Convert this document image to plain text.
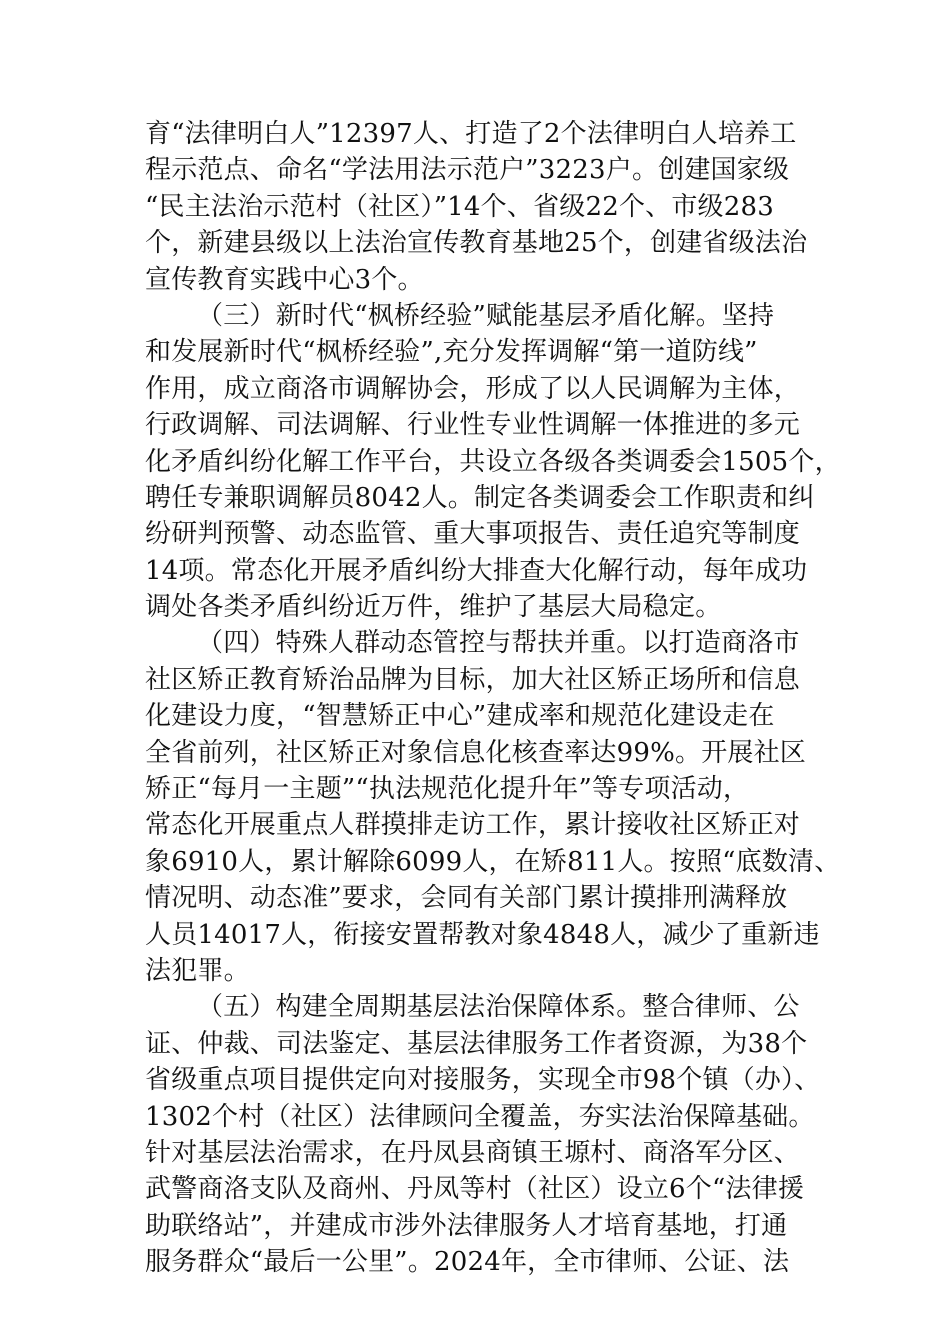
育“法律明白人”12397人、打造了2个法律明白人培养工
程示范点、命名“学法用法示范户”3223户。创建国家级
“民主法治示范村（社区）”14个、省级22个、市级283
个，新建县级以上法治宣传教育基地25个，创建省级法治
宣传教育实践中心3个。
（三）新时代“枫桥经验”赋能基层矛盾化解。坚持
和发展新时代“枫桥经验”,充分发挥调解“第一道防线”
作用，成立商洛市调解协会，形成了以人民调解为主体，
行政调解、司法调解、行业性专业性调解一体推进的多元
化矛盾纠纷化解工作平台，共设立各级各类调委会1505个，
聘任专兼职调解员8042人。制定各类调委会工作职责和纠
纷研判预警、动态监管、重大事项报告、责任追究等制度
14项。常态化开展矛盾纠纷大排查大化解行动，每年成功
调处各类矛盾纠纷近万件，维护了基层大局稳定。
（四）特殊人群动态管控与帮扶并重。以打造商洛市
社区矫正教育矫治品牌为目标，加大社区矫正场所和信息
化建设力度，“智慧矫正中心”建成率和规范化建设走在
全省前列，社区矫正对象信息化核查率达99%。开展社区
矫正“每月一主题”“执法规范化提升年”等专项活动，
常态化开展重点人群摸排走访工作，累计接收社区矫正对
象6910人，累计解除6099人，在矫811人。按照“底数清、
情况明、动态准”要求，会同有关部门累计摸排刑满释放
人员14017人，衔接安置帮教对象4848人，减少了重新违
法犯罪。
（五）构建全周期基层法治保障体系。整合律师、公
证、仲裁、司法鉴定、基层法律服务工作者资源，为38个
省级重点项目提供定向对接服务，实现全市98个镇（办）、
1302个村（社区）法律顾问全覆盖，夯实法治保障基础。
针对基层法治需求，在丹凤县商镇王塬村、商洛军分区、
武警商洛支队及商州、丹凤等村（社区）设立6个“法律援
助联络站”，并建成市涉外法律服务人才培育基地，打通
服务群众“最后一公里”。2024年，全市律师、公证、法
